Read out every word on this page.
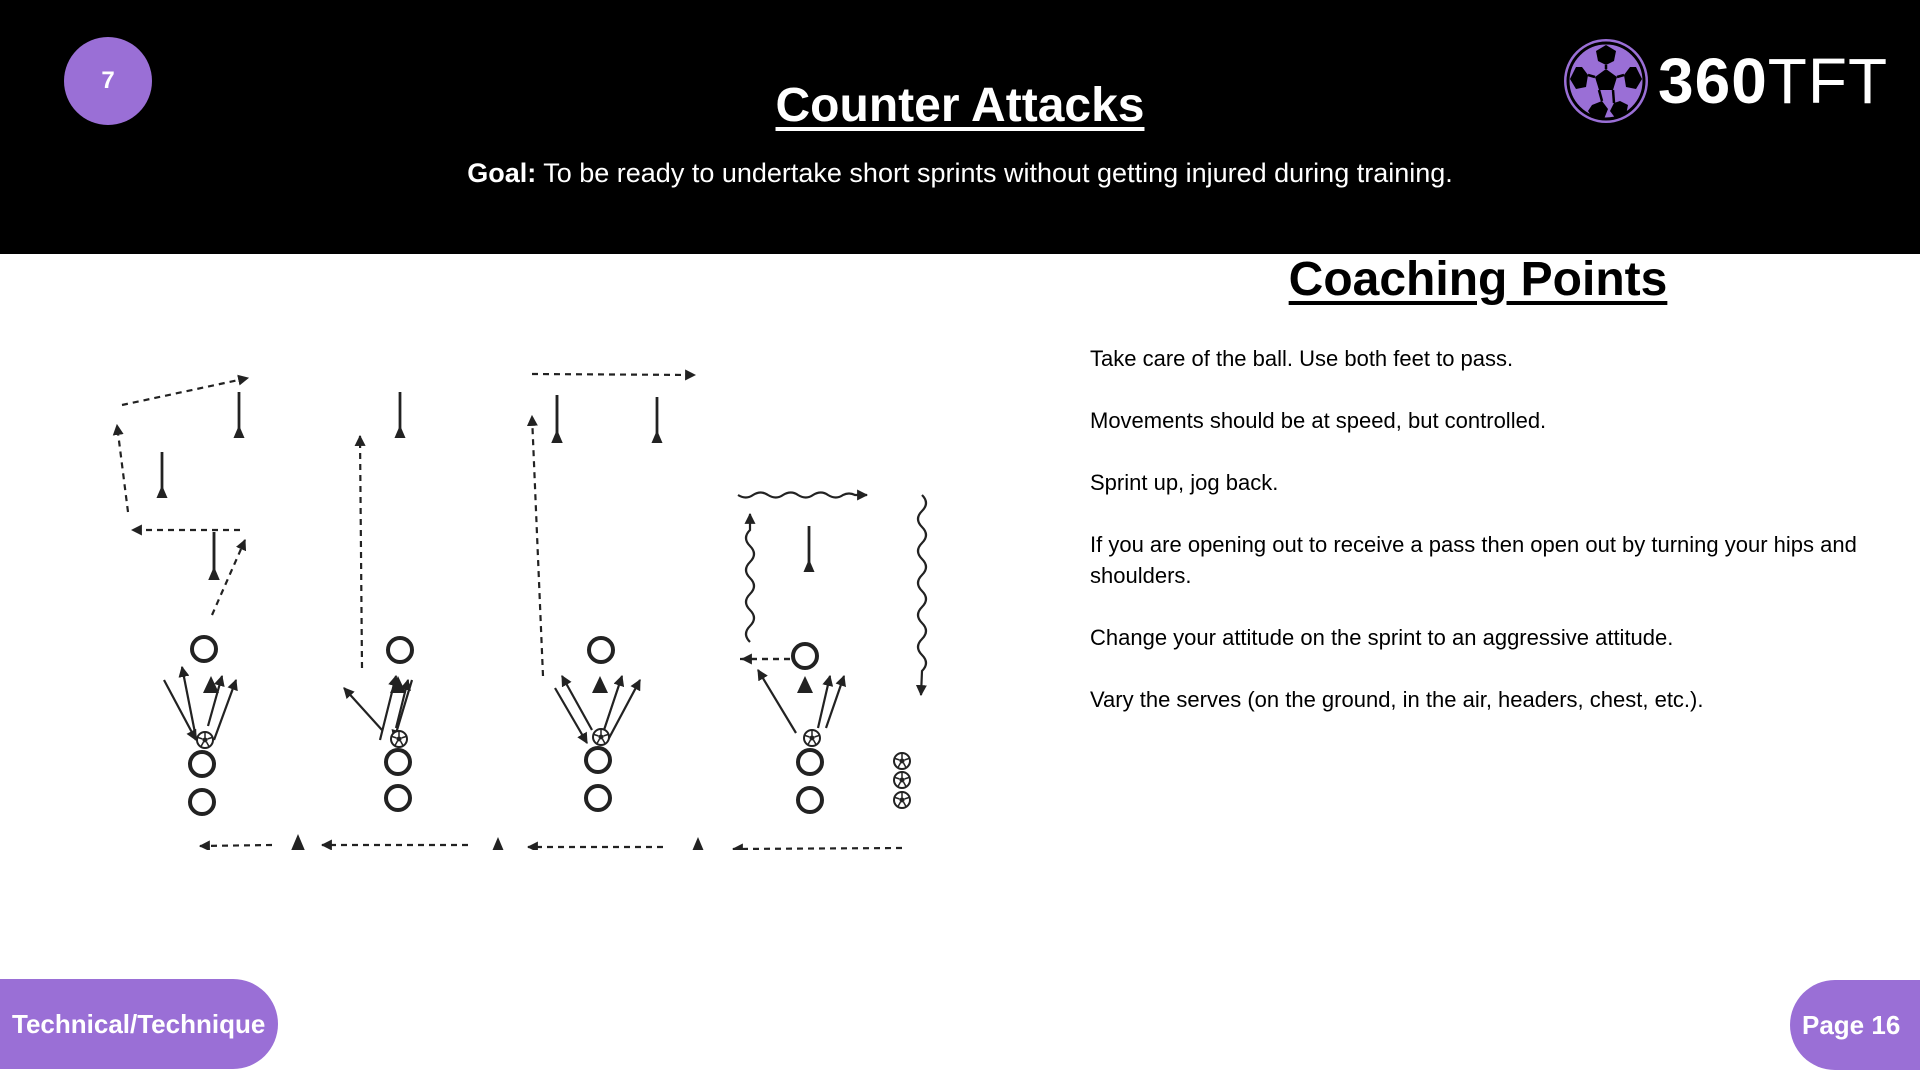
7	Counter Attacks
Goal: To be ready to undertake short sprints without getting injured during training.
360TFT
Coaching Points

Take care of the ball. Use both feet to pass.

Movements should be at speed, but controlled.

Sprint up, jog back.

If you are opening out to receive a pass then open out by turning your hips and shoulders.

Change your attitude on the sprint to an aggressive attitude.

Vary the serves (on the ground, in the air, headers, chest, etc.).

Technical/Technique	Page 16
